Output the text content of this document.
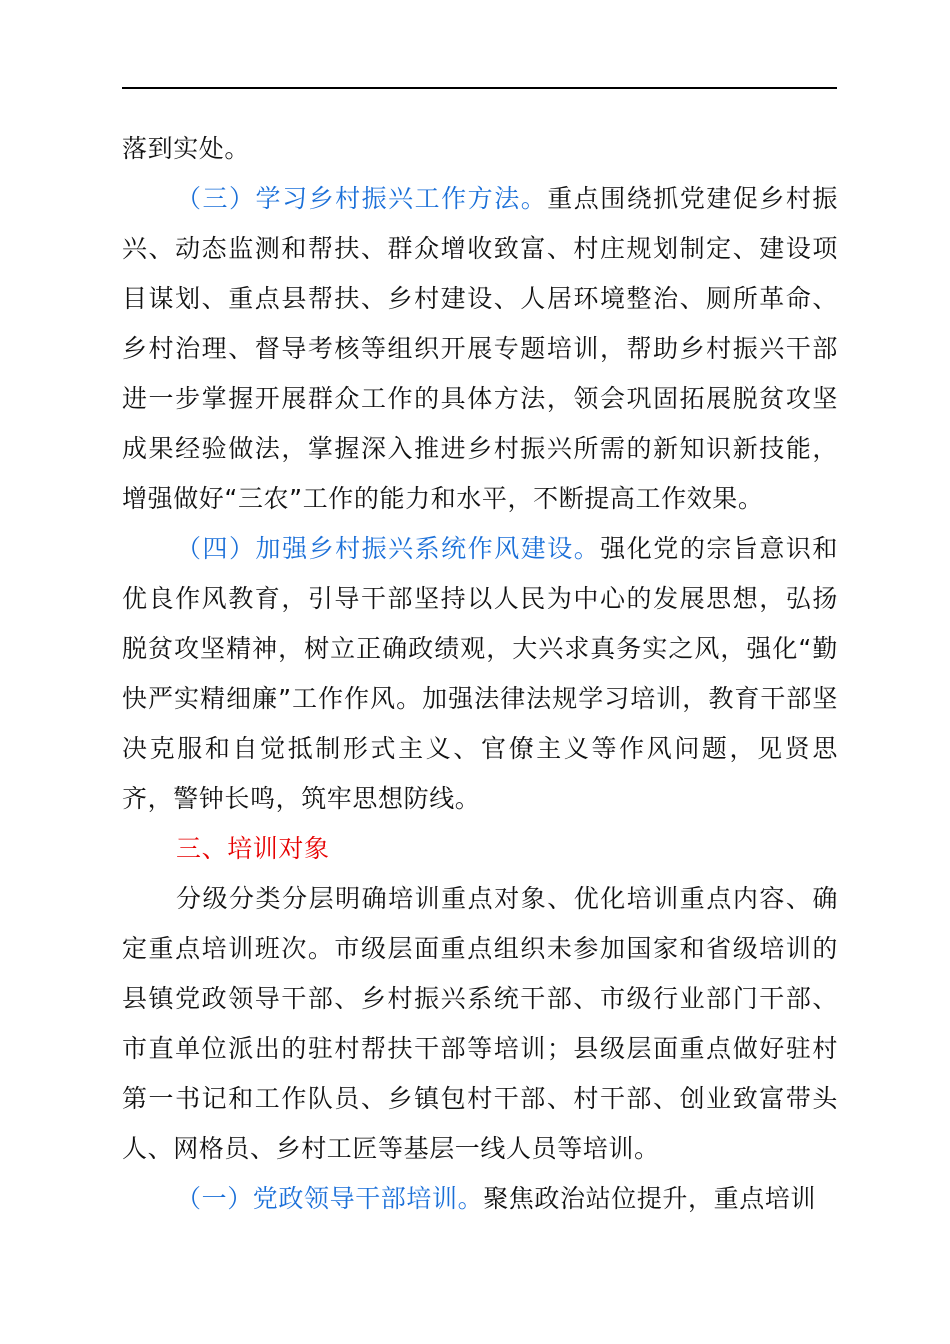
落到实处。

（三）学习乡村振兴工作方法。重点围绕抓党建促乡村振兴、动态监测和帮扶、群众增收致富、村庄规划制定、建设项目谋划、重点县帮扶、乡村建设、人居环境整治、厕所革命、乡村治理、督导考核等组织开展专题培训，帮助乡村振兴干部进一步掌握开展群众工作的具体方法，领会巩固拓展脱贫攻坚成果经验做法，掌握深入推进乡村振兴所需的新知识新技能，增强做好“三农”工作的能力和水平，不断提高工作效果。

（四）加强乡村振兴系统作风建设。强化党的宗旨意识和优良作风教育，引导干部坚持以人民为中心的发展思想，弘扬脱贫攻坚精神，树立正确政绩观，大兴求真务实之风，强化“勤快严实精细廉”工作作风。加强法律法规学习培训，教育干部坚决克服和自觉抵制形式主义、官僚主义等作风问题，见贤思齐，警钟长鸣，筑牢思想防线。

三、培训对象

分级分类分层明确培训重点对象、优化培训重点内容、确定重点培训班次。市级层面重点组织未参加国家和省级培训的县镇党政领导干部、乡村振兴系统干部、市级行业部门干部、市直单位派出的驻村帮扶干部等培训；县级层面重点做好驻村第一书记和工作队员、乡镇包村干部、村干部、创业致富带头人、网格员、乡村工匠等基层一线人员等培训。

（一）党政领导干部培训。聚焦政治站位提升，重点培训
